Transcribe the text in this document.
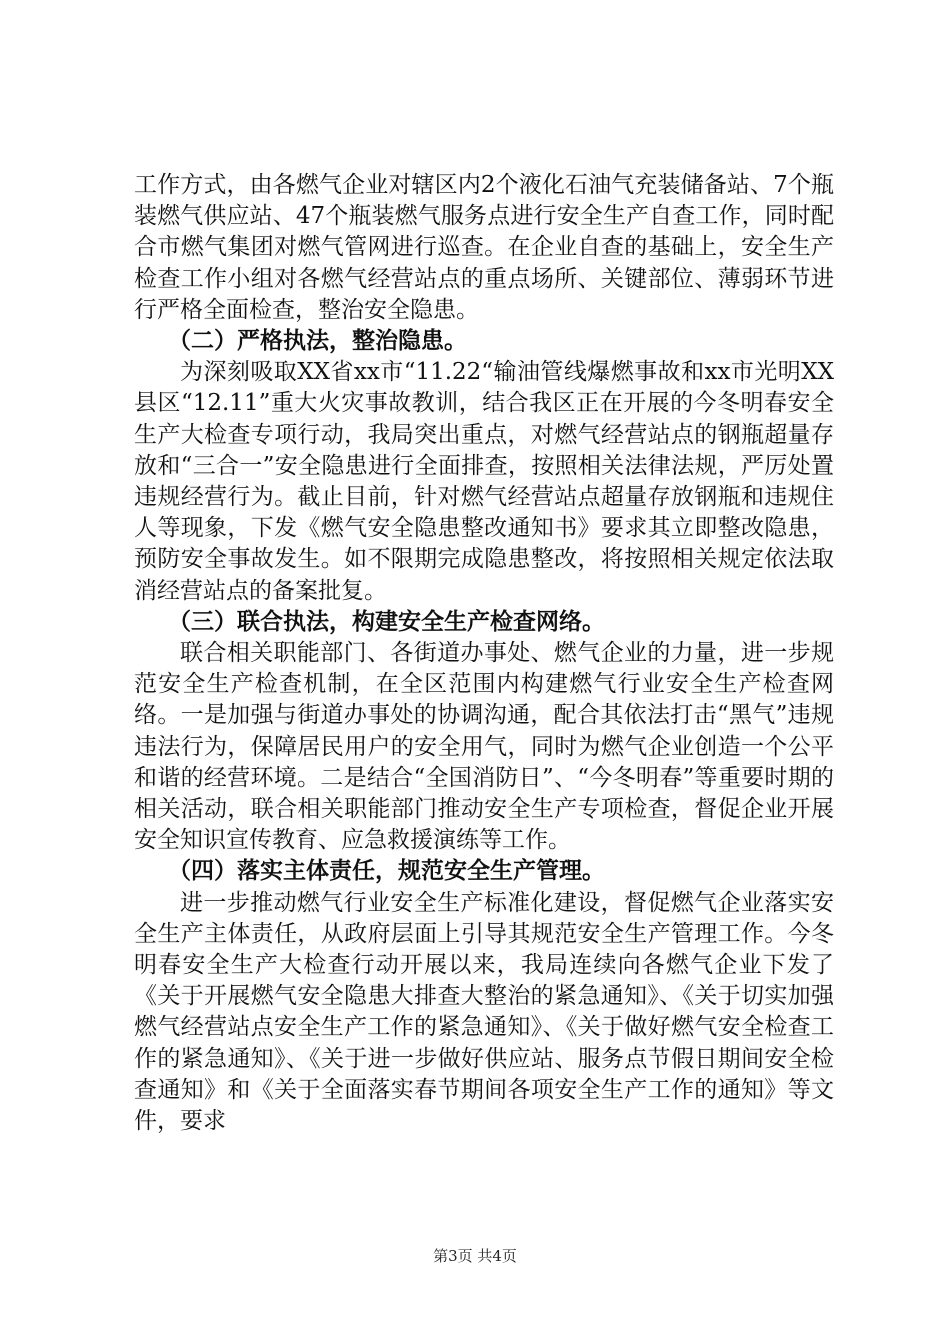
工作方式，由各燃气企业对辖区内2个液化石油气充装储备站、7个瓶装燃气供应站、47个瓶装燃气服务点进行安全生产自查工作，同时配合市燃气集团对燃气管网进行巡查。在企业自查的基础上，安全生产检查工作小组对各燃气经营站点的重点场所、关键部位、薄弱环节进行严格全面检查，整治安全隐患。

（二）严格执法，整治隐患。

为深刻吸取XX省xx市“11.22“输油管线爆燃事故和xx市光明XX县区“12.11”重大火灾事故教训，结合我区正在开展的今冬明春安全生产大检查专项行动，我局突出重点，对燃气经营站点的钢瓶超量存放和“三合一”安全隐患进行全面排查，按照相关法律法规，严厉处置违规经营行为。截止目前，针对燃气经营站点超量存放钢瓶和违规住人等现象，下发《燃气安全隐患整改通知书》要求其立即整改隐患，预防安全事故发生。如不限期完成隐患整改，将按照相关规定依法取消经营站点的备案批复。

（三）联合执法，构建安全生产检查网络。

联合相关职能部门、各街道办事处、燃气企业的力量，进一步规范安全生产检查机制，在全区范围内构建燃气行业安全生产检查网络。一是加强与街道办事处的协调沟通，配合其依法打击“黑气”违规违法行为，保障居民用户的安全用气，同时为燃气企业创造一个公平和谐的经营环境。二是结合“全国消防日”、“今冬明春”等重要时期的相关活动，联合相关职能部门推动安全生产专项检查，督促企业开展安全知识宣传教育、应急救援演练等工作。

（四）落实主体责任，规范安全生产管理。

进一步推动燃气行业安全生产标准化建设，督促燃气企业落实安全生产主体责任，从政府层面上引导其规范安全生产管理工作。今冬明春安全生产大检查行动开展以来，我局连续向各燃气企业下发了《关于开展燃气安全隐患大排查大整治的紧急通知》、《关于切实加强燃气经营站点安全生产工作的紧急通知》、《关于做好燃气安全检查工作的紧急通知》、《关于进一步做好供应站、服务点节假日期间安全检查通知》和《关于全面落实春节期间各项安全生产工作的通知》等文件，要求

第3页 共4页
